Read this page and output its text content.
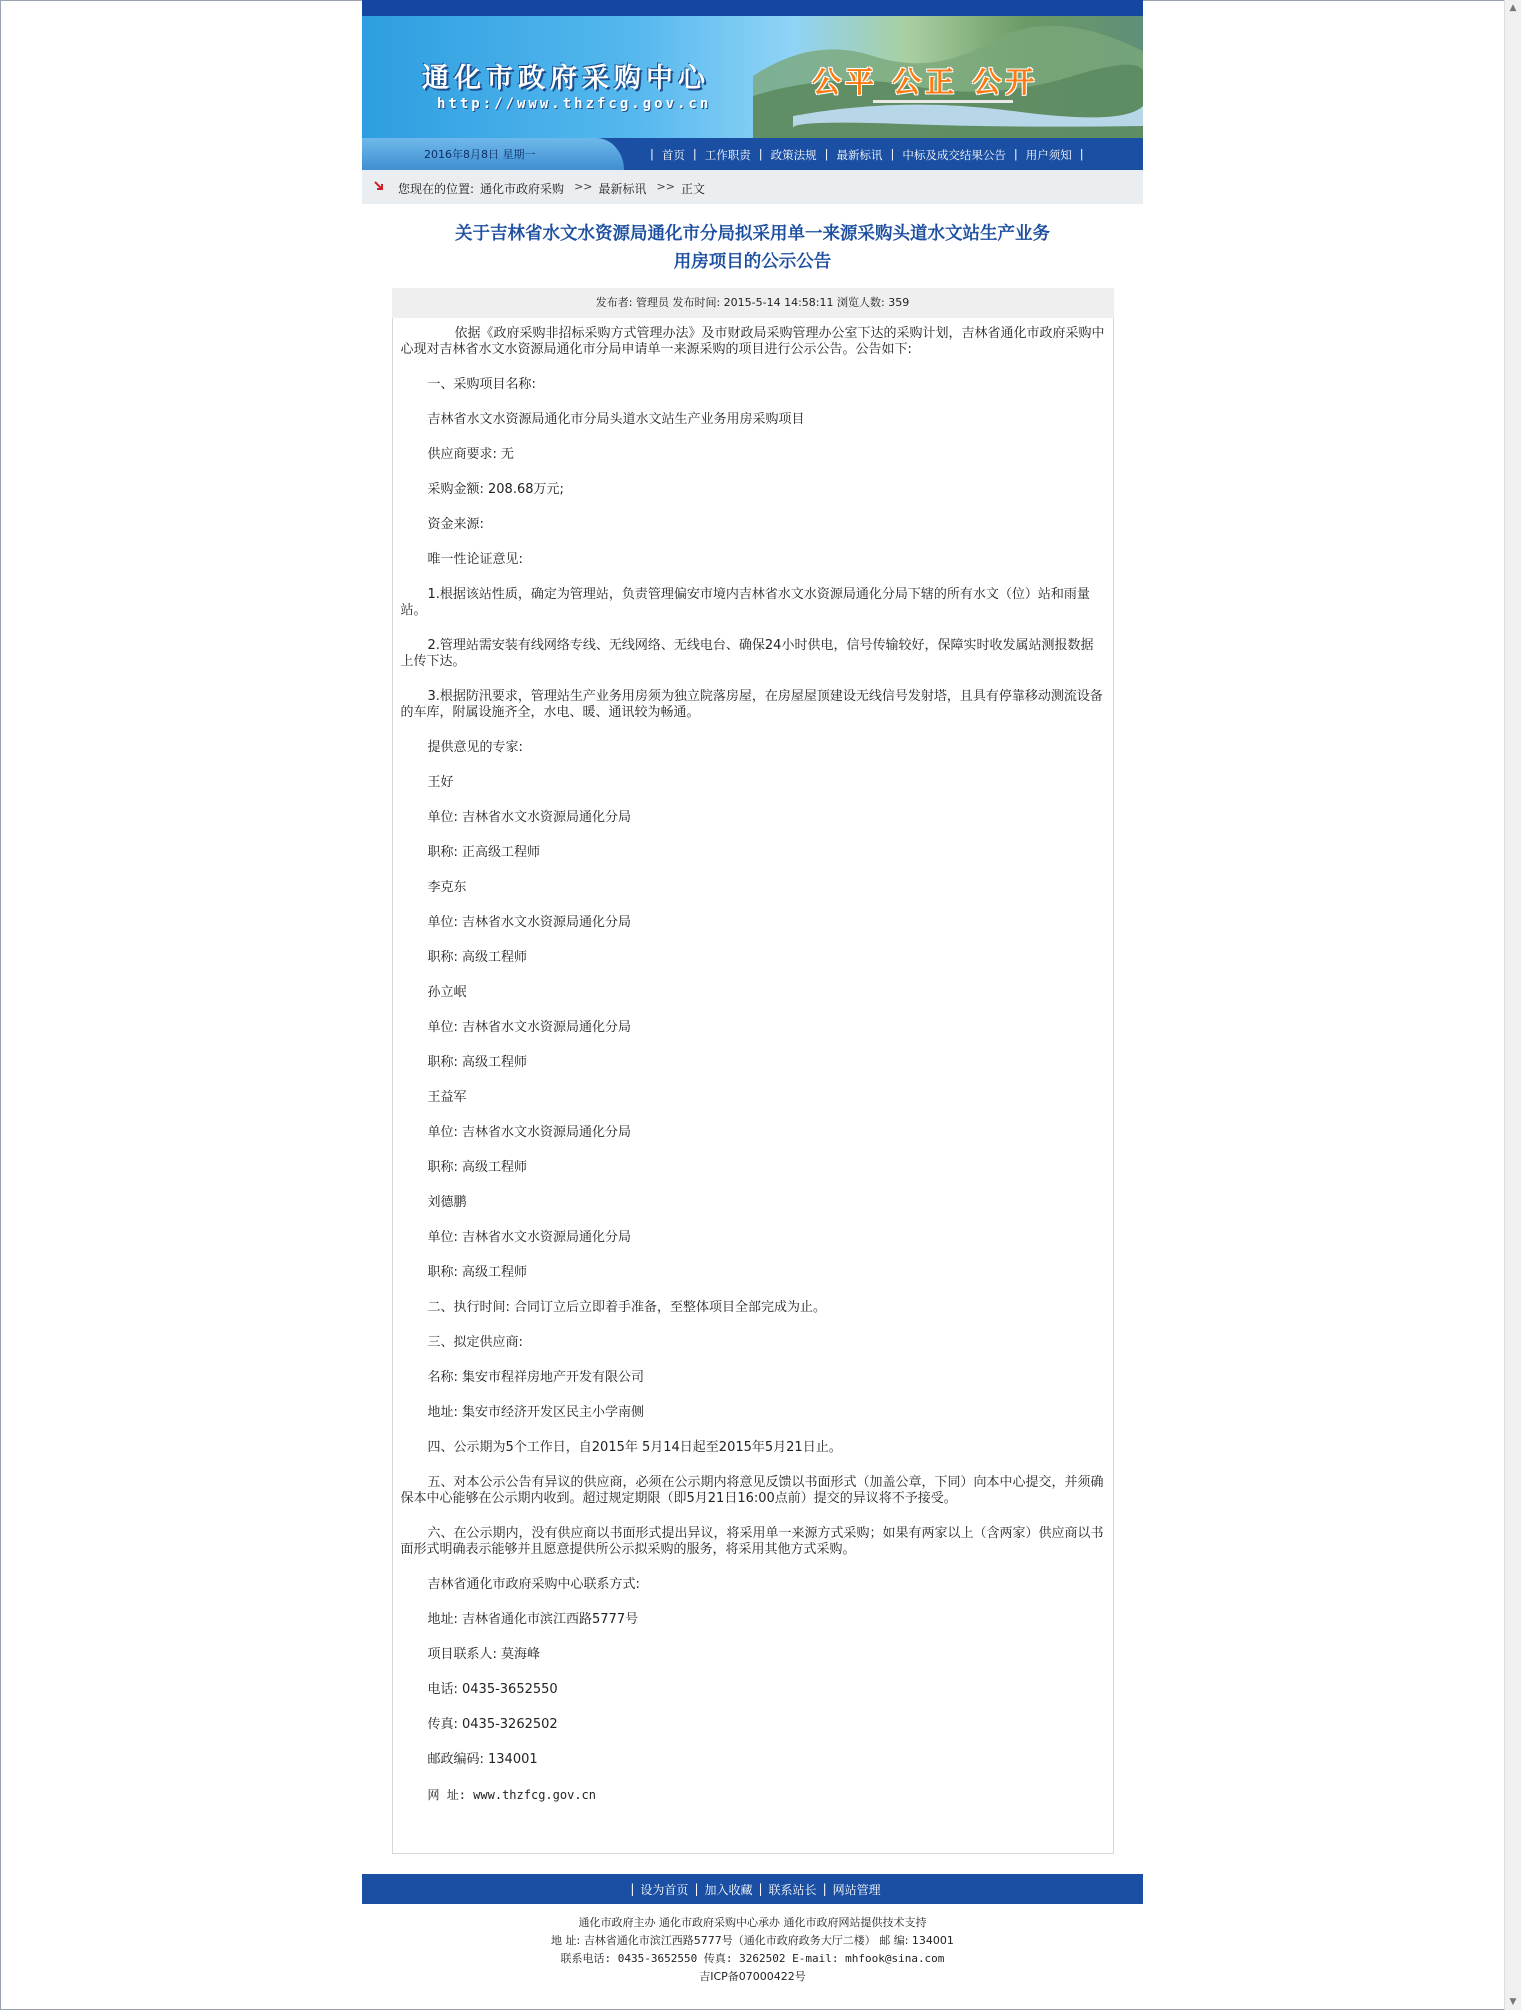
▲
▼
通化市政府采购中心
http://www.thzfcg.gov.cn
公平 公正 公开
2016年8月8日 星期一	| 首页 | 工作职责 | 政策法规 | 最新标讯 | 中标及成交结果公告 | 用户须知 |
您现在的位置: 通化市政府采购 >> 最新标讯 >> 正文
关于吉林省水文水资源局通化市分局拟采用单一来源采购头道水文站生产业务
用房项目的公示公告
发布者: 管理员 发布时间: 2015-5-14 14:58:11 浏览人数: 359

依据《政府采购非招标采购方式管理办法》及市财政局采购管理办公室下达的采购计划，吉林省通化市政府采购中心现对吉林省水文水资源局通化市分局申请单一来源采购的项目进行公示公告。公告如下:

一、采购项目名称:

吉林省水文水资源局通化市分局头道水文站生产业务用房采购项目

供应商要求: 无

采购金额: 208.68万元;

资金来源:

唯一性论证意见:

1.根据该站性质，确定为管理站，负责管理偏安市境内吉林省水文水资源局通化分局下辖的所有水文（位）站和雨量站。

2.管理站需安装有线网络专线、无线网络、无线电台、确保24小时供电，信号传输较好，保障实时收发属站测报数据上传下达。

3.根据防汛要求，管理站生产业务用房须为独立院落房屋，在房屋屋顶建设无线信号发射塔，且具有停靠移动测流设备的车库，附属设施齐全，水电、暖、通讯较为畅通。

提供意见的专家:

王好

单位: 吉林省水文水资源局通化分局

职称: 正高级工程师

李克东

单位: 吉林省水文水资源局通化分局

职称: 高级工程师

孙立岷

单位: 吉林省水文水资源局通化分局

职称: 高级工程师

王益军

单位: 吉林省水文水资源局通化分局

职称: 高级工程师

刘德鹏

单位: 吉林省水文水资源局通化分局

职称: 高级工程师

二、执行时间: 合同订立后立即着手准备，至整体项目全部完成为止。

三、拟定供应商:

名称: 集安市程祥房地产开发有限公司

地址: 集安市经济开发区民主小学南侧

四、公示期为5个工作日，自2015年 5月14日起至2015年5月21日止。

五、对本公示公告有异议的供应商，必须在公示期内将意见反馈以书面形式（加盖公章，下同）向本中心提交，并须确保本中心能够在公示期内收到。超过规定期限（即5月21日16:00点前）提交的异议将不予接受。

六、在公示期内，没有供应商以书面形式提出异议，将采用单一来源方式采购；如果有两家以上（含两家）供应商以书面形式明确表示能够并且愿意提供所公示拟采购的服务，将采用其他方式采购。

吉林省通化市政府采购中心联系方式:

地址: 吉林省通化市滨江西路5777号

项目联系人: 莫海峰

电话: 0435-3652550

传真: 0435-3262502

邮政编码: 134001

网 址: www.thzfcg.gov.cn

| 设为首页 | 加入收藏 | 联系站长 | 网站管理
通化市政府主办 通化市政府采购中心承办 通化市政府网站提供技术支持
地 址: 吉林省通化市滨江西路5777号（通化市政府政务大厅二楼） 邮 编: 134001
联系电话: 0435-3652550 传真: 3262502 E-mail: mhfook@sina.com
吉ICP备07000422号
